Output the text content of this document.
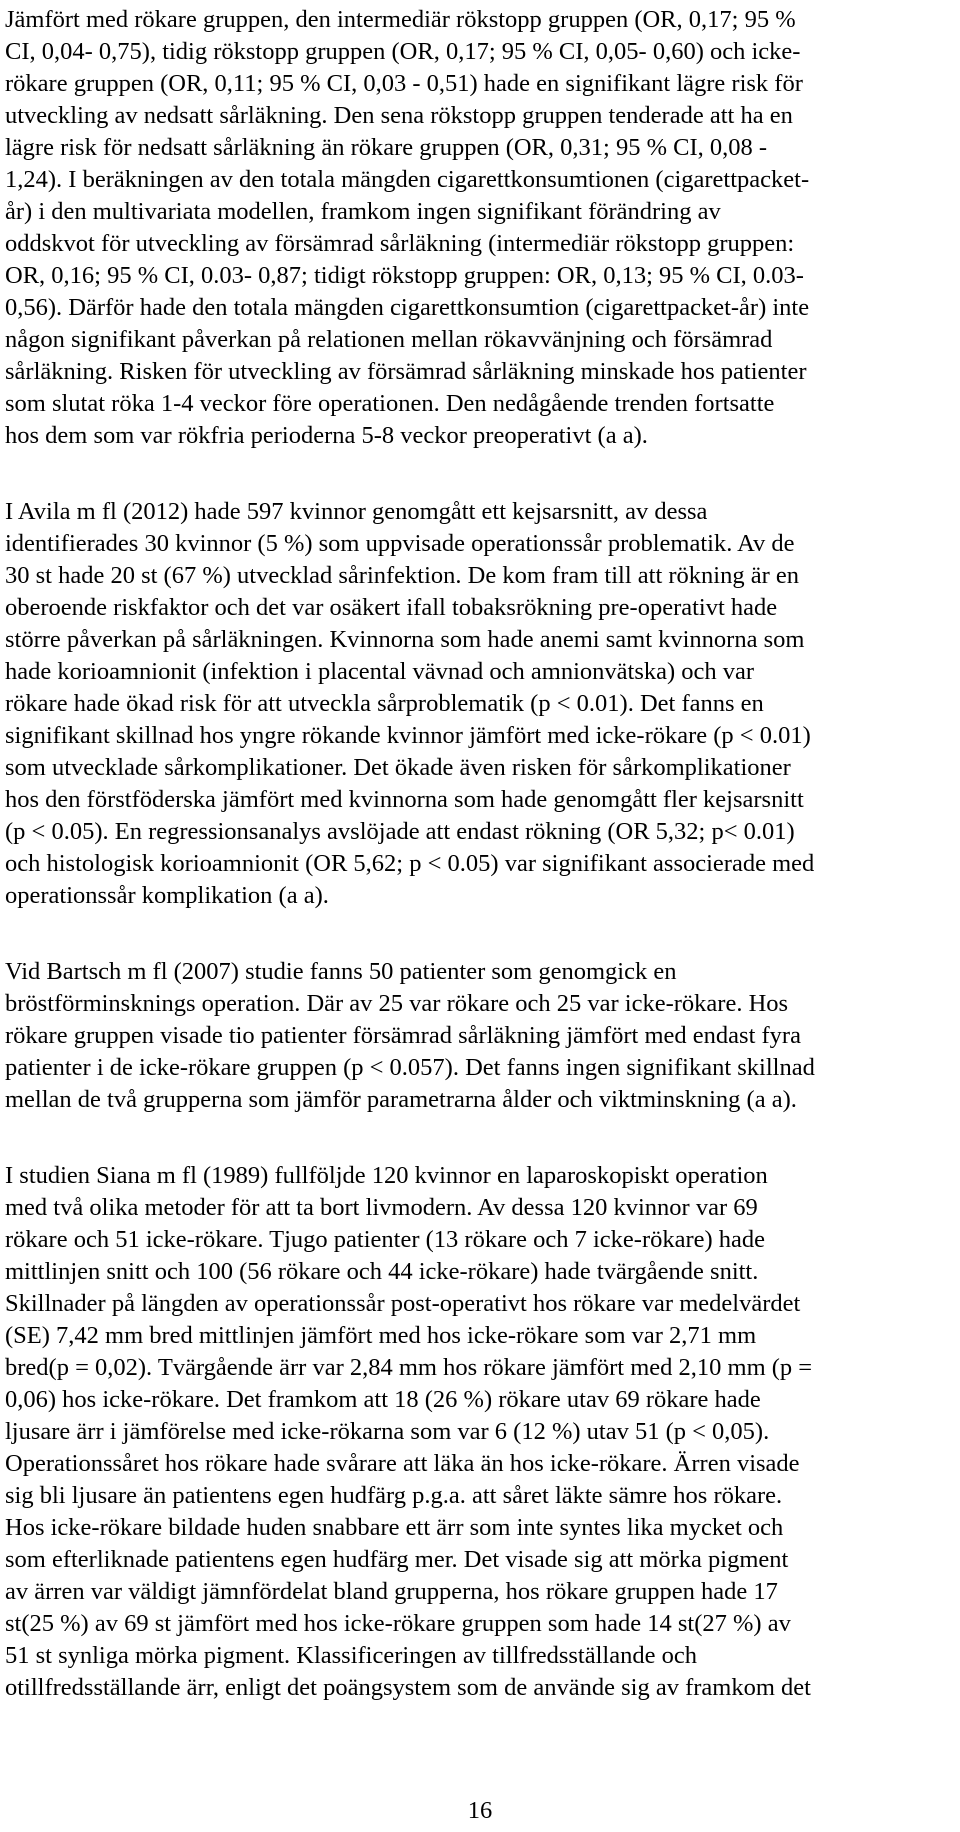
Jämfört med rökare gruppen, den intermediär rökstopp gruppen (OR, 0,17; 95 %
CI, 0,04- 0,75), tidig rökstopp gruppen (OR, 0,17; 95 % CI, 0,05- 0,60) och icke-
rökare gruppen (OR, 0,11; 95 % CI, 0,03 - 0,51) hade en signifikant lägre risk för
utveckling av nedsatt sårläkning. Den sena rökstopp gruppen tenderade att ha en
lägre risk för nedsatt sårläkning än rökare gruppen (OR, 0,31; 95 % CI, 0,08 -
1,24). I beräkningen av den totala mängden cigarettkonsumtionen (cigarettpacket-
år) i den multivariata modellen, framkom ingen signifikant förändring av
oddskvot för utveckling av försämrad sårläkning (intermediär rökstopp gruppen:
OR, 0,16; 95 % CI, 0.03- 0,87; tidigt rökstopp gruppen: OR, 0,13; 95 % CI, 0.03-
0,56). Därför hade den totala mängden cigarettkonsumtion (cigarettpacket-år) inte
någon signifikant påverkan på relationen mellan rökavvänjning och försämrad
sårläkning. Risken för utveckling av försämrad sårläkning minskade hos patienter
som slutat röka 1-4 veckor före operationen. Den nedågående trenden fortsatte
hos dem som var rökfria perioderna 5-8 veckor preoperativt (a a).
I Avila m fl (2012) hade 597 kvinnor genomgått ett kejsarsnitt, av dessa
identifierades 30 kvinnor (5 %) som uppvisade operationssår problematik. Av de
30 st hade 20 st (67 %) utvecklad sårinfektion. De kom fram till att rökning är en
oberoende riskfaktor och det var osäkert ifall tobaksrökning pre-operativt hade
större påverkan på sårläkningen. Kvinnorna som hade anemi samt kvinnorna som
hade korioamnionit (infektion i placental vävnad och amnionvätska) och var
rökare hade ökad risk för att utveckla sårproblematik (p < 0.01). Det fanns en
signifikant skillnad hos yngre rökande kvinnor jämfört med icke-rökare (p < 0.01)
som utvecklade sårkomplikationer. Det ökade även risken för sårkomplikationer
hos den förstföderska jämfört med kvinnorna som hade genomgått fler kejsarsnitt
(p < 0.05). En regressionsanalys avslöjade att endast rökning (OR 5,32; p< 0.01)
och histologisk korioamnionit (OR 5,62; p < 0.05) var signifikant associerade med
operationssår komplikation (a a).
Vid Bartsch m fl (2007) studie fanns 50 patienter som genomgick en
bröstförminsknings operation. Där av 25 var rökare och 25 var icke-rökare. Hos
rökare gruppen visade tio patienter försämrad sårläkning jämfört med endast fyra
patienter i de icke-rökare gruppen (p < 0.057). Det fanns ingen signifikant skillnad
mellan de två grupperna som jämför parametrarna ålder och viktminskning (a a).
I studien Siana m fl (1989) fullföljde 120 kvinnor en laparoskopiskt operation
med två olika metoder för att ta bort livmodern. Av dessa 120 kvinnor var 69
rökare och 51 icke-rökare. Tjugo patienter (13 rökare och 7 icke-rökare) hade
mittlinjen snitt och 100 (56 rökare och 44 icke-rökare) hade tvärgående snitt.
Skillnader på längden av operationssår post-operativt hos rökare var medelvärdet
(SE) 7,42 mm bred mittlinjen jämfört med hos icke-rökare som var 2,71 mm
bred(p = 0,02). Tvärgående ärr var 2,84 mm hos rökare jämfört med 2,10 mm (p =
0,06) hos icke-rökare. Det framkom att 18 (26 %) rökare utav 69 rökare hade
ljusare ärr i jämförelse med icke-rökarna som var 6 (12 %) utav 51 (p < 0,05).
Operationssåret hos rökare hade svårare att läka än hos icke-rökare. Ärren visade
sig bli ljusare än patientens egen hudfärg p.g.a. att såret läkte sämre hos rökare.
Hos icke-rökare bildade huden snabbare ett ärr som inte syntes lika mycket och
som efterliknade patientens egen hudfärg mer. Det visade sig att mörka pigment
av ärren var väldigt jämnfördelat bland grupperna, hos rökare gruppen hade 17
st(25 %) av 69 st jämfört med hos icke-rökare gruppen som hade 14 st(27 %) av
51 st synliga mörka pigment. Klassificeringen av tillfredsställande och
otillfredsställande ärr, enligt det poängsystem som de använde sig av framkom det
16
